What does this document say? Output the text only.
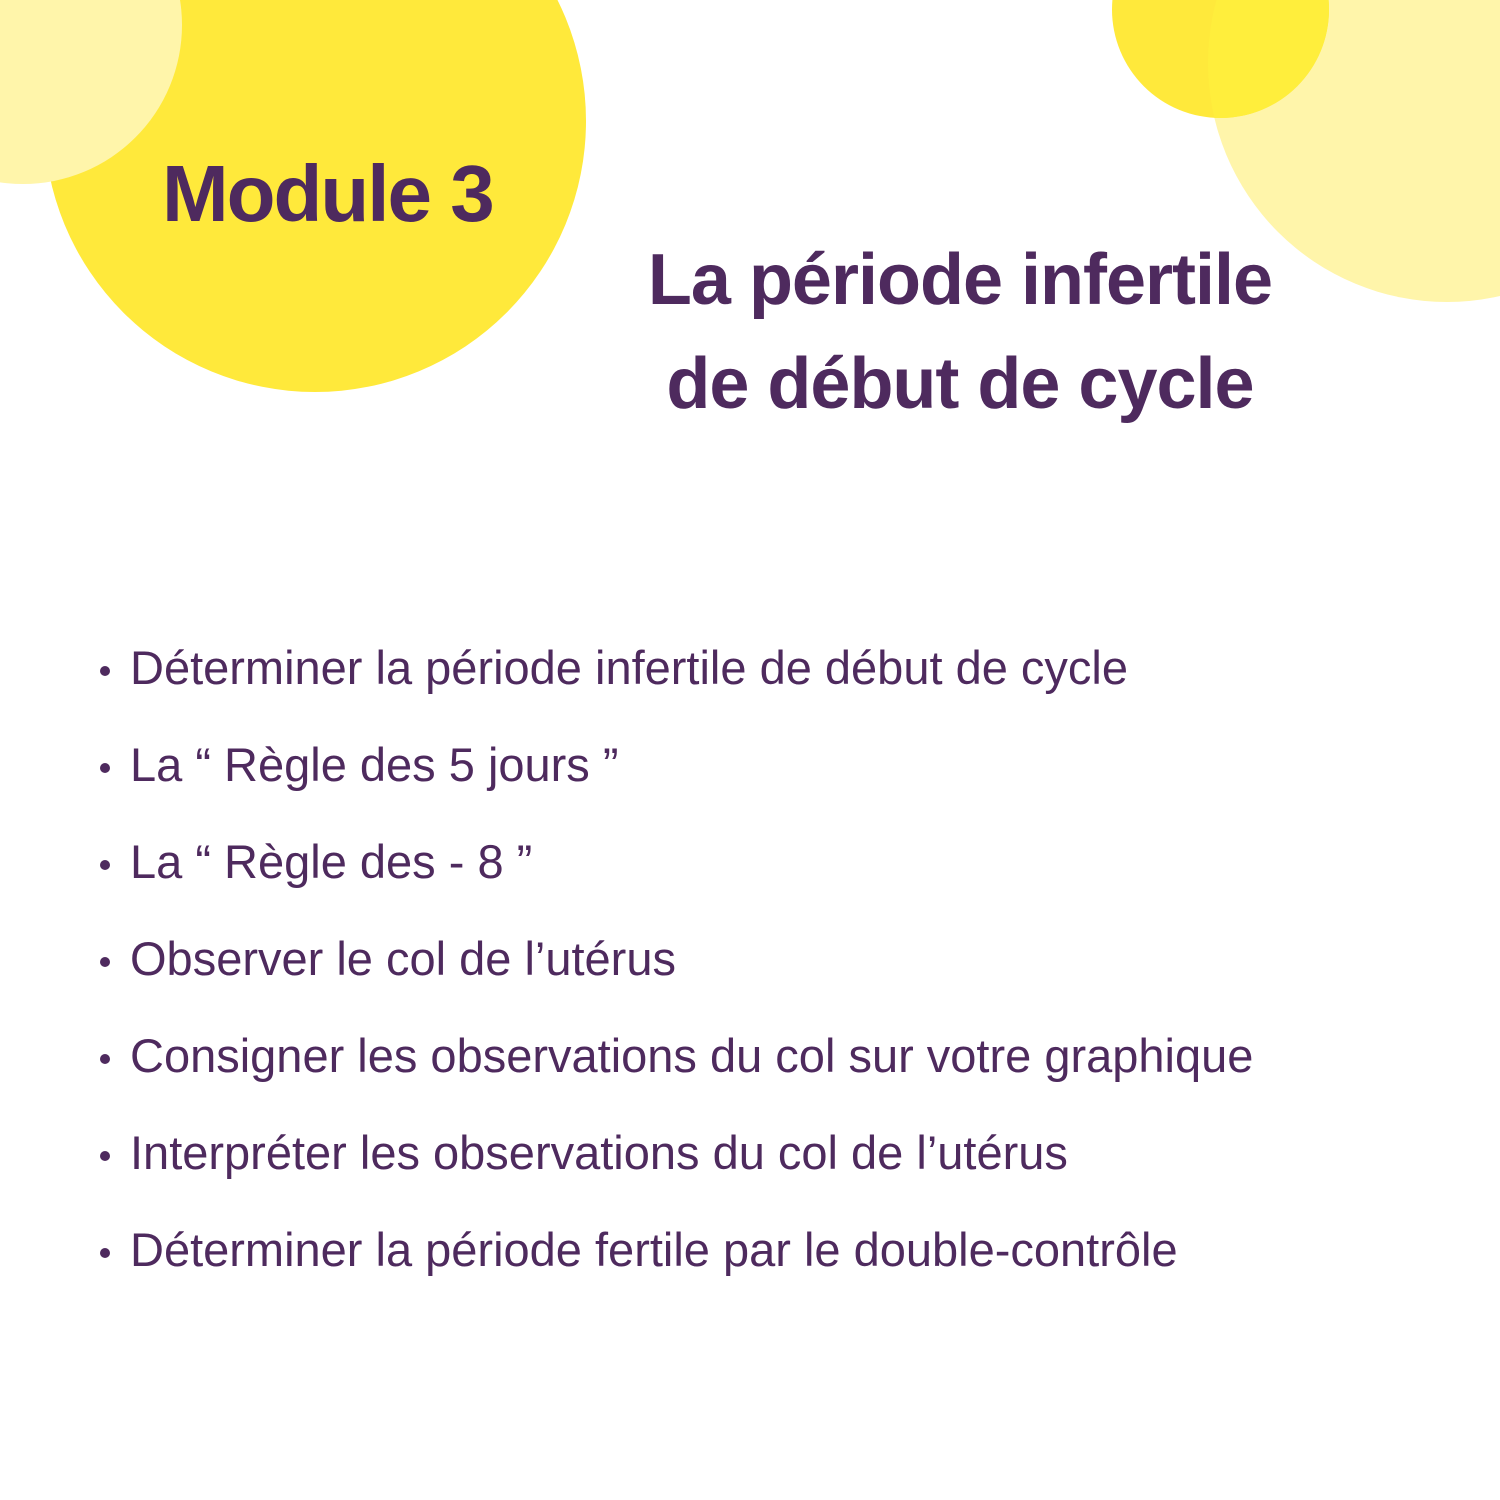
Module 3
La période infertile
de début de cycle
Déterminer la période infertile de début de cycle
La “ Règle des 5 jours ”
La “ Règle des - 8 ”
Observer le col de l’utérus
Consigner les observations du col sur votre graphique
Interpréter les observations du col de l’utérus
Déterminer la période fertile par le double-contrôle
